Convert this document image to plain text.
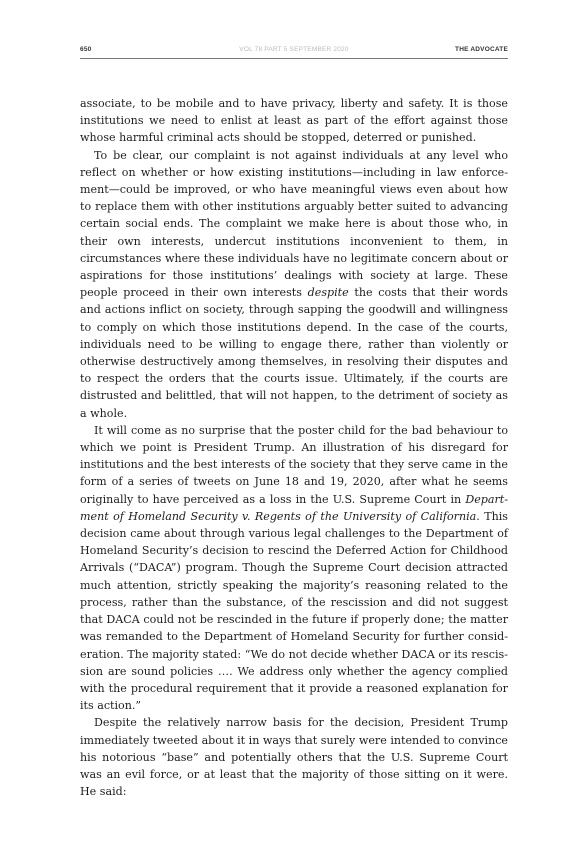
650	VOL 78 PART 5 SEPTEMBER 2020	THE ADVOCATE

associate, to be mobile and to have privacy, liberty and safety. It is those institutions we need to enlist at least as part of the effort against those whose harmful criminal acts should be stopped, deterred or punished.

To be clear, our complaint is not against individuals at any level who reflect on whether or how existing institutions—including in law enforcement—could be improved, or who have meaningful views even about how to replace them with other institutions arguably better suited to advancing certain social ends. The complaint we make here is about those who, in their own interests, undercut institutions inconvenient to them, in circumstances where these individuals have no legitimate concern about or aspirations for those institutions’ dealings with society at large. These people proceed in their own interests despite the costs that their words and actions inflict on society, through sapping the goodwill and willingness to comply on which those institutions depend. In the case of the courts, individuals need to be willing to engage there, rather than violently or otherwise destructively among themselves, in resolving their disputes and to respect the orders that the courts issue. Ultimately, if the courts are distrusted and belittled, that will not happen, to the detriment of society as a whole.

It will come as no surprise that the poster child for the bad behaviour to which we point is President Trump. An illustration of his disregard for institutions and the best interests of the society that they serve came in the form of a series of tweets on June 18 and 19, 2020, after what he seems originally to have perceived as a loss in the U.S. Supreme Court in Department of Homeland Security v. Regents of the University of California. This decision came about through various legal challenges to the Department of Homeland Security’s decision to rescind the Deferred Action for Childhood Arrivals (“DACA”) program. Though the Supreme Court decision attracted much attention, strictly speaking the majority’s reasoning related to the process, rather than the substance, of the rescission and did not suggest that DACA could not be rescinded in the future if properly done; the matter was remanded to the Department of Homeland Security for further consideration. The majority stated: “We do not decide whether DACA or its rescission are sound policies …. We address only whether the agency complied with the procedural requirement that it provide a reasoned explanation for its action.”

Despite the relatively narrow basis for the decision, President Trump immediately tweeted about it in ways that surely were intended to convince his notorious “base” and potentially others that the U.S. Supreme Court was an evil force, or at least that the majority of those sitting on it were. He said:
